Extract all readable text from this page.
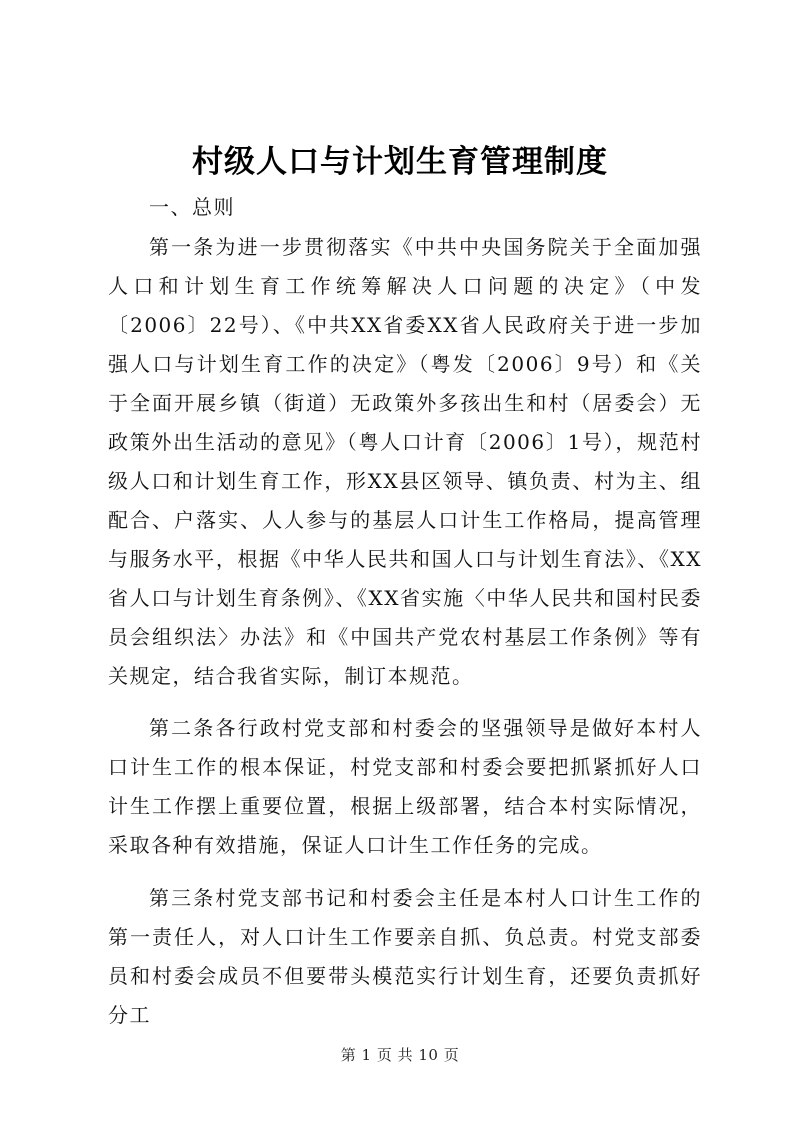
村级人口与计划生育管理制度

一、总则

第一条为进一步贯彻落实《中共中央国务院关于全面加强人口和计划生育工作统筹解决人口问题的决定》（中发〔2006〕22号）、《中共XX省委XX省人民政府关于进一步加强人口与计划生育工作的决定》（粤发〔2006〕9号）和《关于全面开展乡镇（街道）无政策外多孩出生和村（居委会）无政策外出生活动的意见》（粤人口计育〔2006〕1号），规范村级人口和计划生育工作，形XX县区领导、镇负责、村为主、组配合、户落实、人人参与的基层人口计生工作格局，提高管理与服务水平，根据《中华人民共和国人口与计划生育法》、《XX省人口与计划生育条例》、《XX省实施〈中华人民共和国村民委员会组织法〉办法》和《中国共产党农村基层工作条例》等有关规定，结合我省实际，制订本规范。

第二条各行政村党支部和村委会的坚强领导是做好本村人口计生工作的根本保证，村党支部和村委会要把抓紧抓好人口计生工作摆上重要位置，根据上级部署，结合本村实际情况，采取各种有效措施，保证人口计生工作任务的完成。

第三条村党支部书记和村委会主任是本村人口计生工作的第一责任人，对人口计生工作要亲自抓、负总责。村党支部委员和村委会成员不但要带头模范实行计划生育，还要负责抓好分工

第 1 页 共 10 页
